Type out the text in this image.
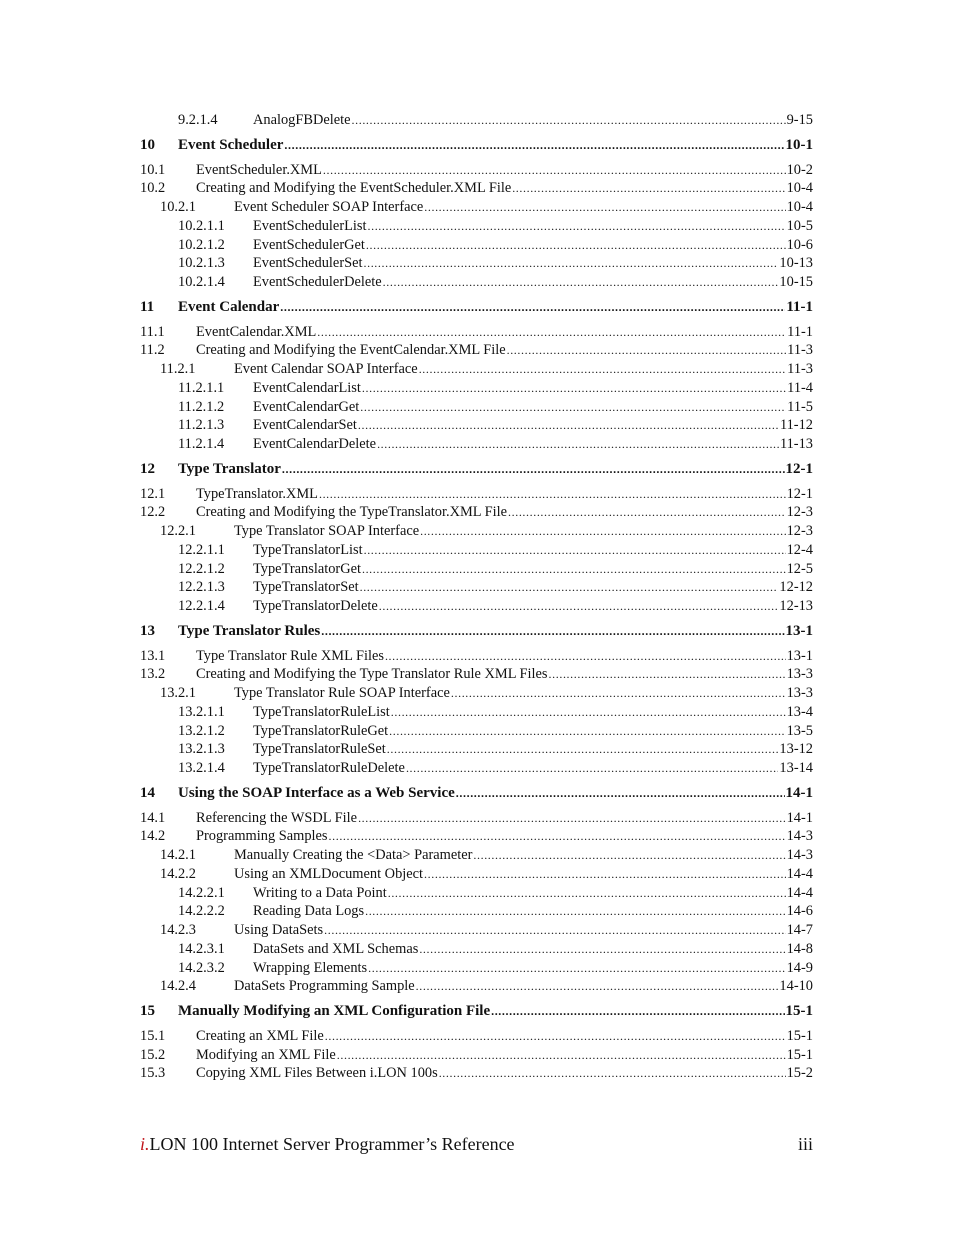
9.2.1.4	AnalogFBDelete .....	9-15
10	Event Scheduler .....	10-1
10.1	EventScheduler.XML .....	10-2
10.2	Creating and Modifying the EventScheduler.XML File .....	10-4
10.2.1	Event Scheduler SOAP Interface .....	10-4
10.2.1.1	EventSchedulerList .....	10-5
10.2.1.2	EventSchedulerGet .....	10-6
10.2.1.3	EventSchedulerSet .....	10-13
10.2.1.4	EventSchedulerDelete .....	10-15
11	Event Calendar .....	11-1
11.1	EventCalendar.XML .....	11-1
11.2	Creating and Modifying the EventCalendar.XML File .....	11-3
11.2.1	Event Calendar SOAP Interface .....	11-3
11.2.1.1	EventCalendarList .....	11-4
11.2.1.2	EventCalendarGet .....	11-5
11.2.1.3	EventCalendarSet .....	11-12
11.2.1.4	EventCalendarDelete .....	11-13
12	Type Translator .....	12-1
12.1	TypeTranslator.XML .....	12-1
12.2	Creating and Modifying the TypeTranslator.XML File .....	12-3
12.2.1	Type Translator SOAP Interface .....	12-3
12.2.1.1	TypeTranslatorList .....	12-4
12.2.1.2	TypeTranslatorGet .....	12-5
12.2.1.3	TypeTranslatorSet .....	12-12
12.2.1.4	TypeTranslatorDelete .....	12-13
13	Type Translator Rules .....	13-1
13.1	Type Translator Rule XML Files .....	13-1
13.2	Creating and Modifying the Type Translator Rule XML Files .....	13-3
13.2.1	Type Translator Rule SOAP Interface .....	13-3
13.2.1.1	TypeTranslatorRuleList .....	13-4
13.2.1.2	TypeTranslatorRuleGet .....	13-5
13.2.1.3	TypeTranslatorRuleSet .....	13-12
13.2.1.4	TypeTranslatorRuleDelete .....	13-14
14	Using the SOAP Interface as a Web Service .....	14-1
14.1	Referencing the WSDL File .....	14-1
14.2	Programming Samples .....	14-3
14.2.1	Manually Creating the <Data> Parameter .....	14-3
14.2.2	Using an XMLDocument Object .....	14-4
14.2.2.1	Writing to a Data Point .....	14-4
14.2.2.2	Reading Data Logs .....	14-6
14.2.3	Using DataSets .....	14-7
14.2.3.1	DataSets and XML Schemas .....	14-8
14.2.3.2	Wrapping Elements .....	14-9
14.2.4	DataSets Programming Sample .....	14-10
15	Manually Modifying an XML Configuration File .....	15-1
15.1	Creating an XML File .....	15-1
15.2	Modifying an XML File .....	15-1
15.3	Copying XML Files Between i.LON 100s .....	15-2
i.LON 100 Internet Server Programmer’s Reference	iii
